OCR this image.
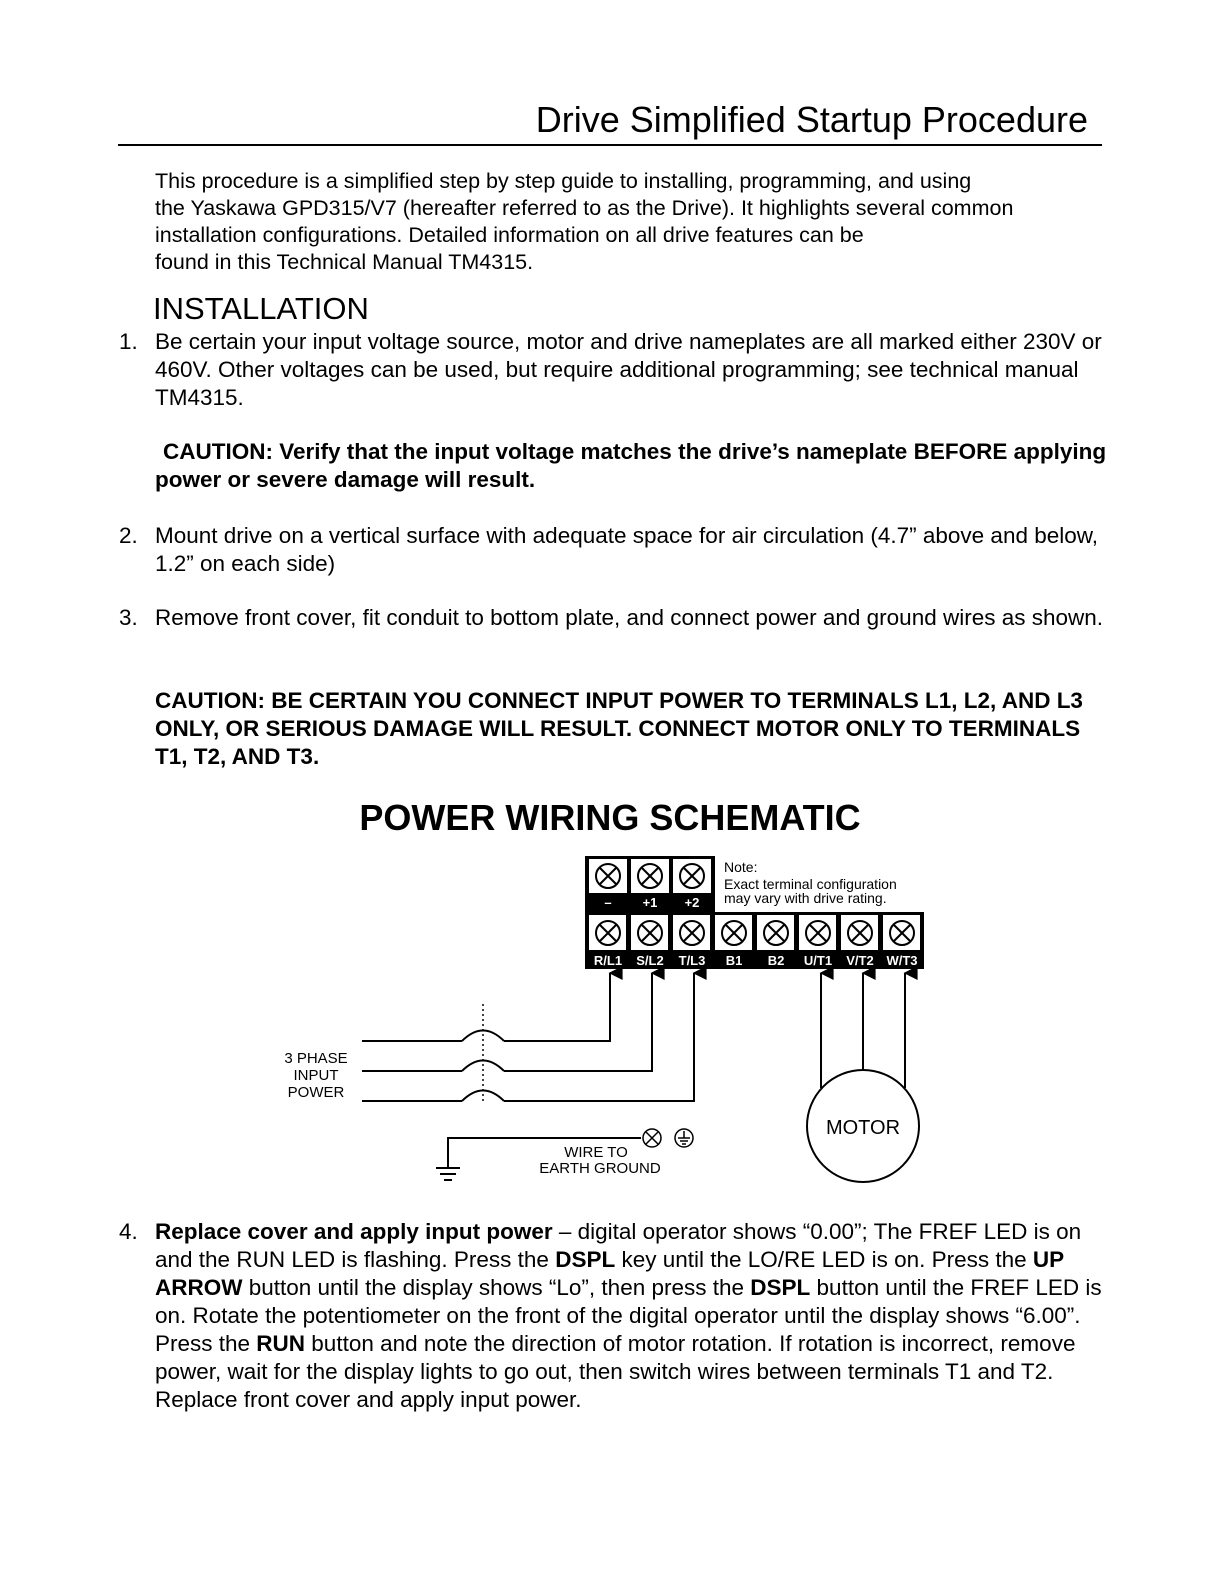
Drive Simplified Startup Procedure
This procedure is a simplified step by step guide to installing, programming, and using
the Yaskawa GPD315/V7 (hereafter referred to as the Drive). It highlights several common
installation configurations. Detailed information on all drive features can be
found in this Technical Manual TM4315.
INSTALLATION
1. Be certain your input voltage source, motor and drive nameplates are all marked either 230V or 460V. Other voltages can be used, but require additional programming; see technical manual TM4315.
CAUTION: Verify that the input voltage matches the drive’s nameplate BEFORE applying power or severe damage will result.
2. Mount drive on a vertical surface with adequate space for air circulation (4.7” above and below, 1.2” on each side)
3. Remove front cover, fit conduit to bottom plate, and connect power and ground wires as shown.
CAUTION: BE CERTAIN YOU CONNECT INPUT POWER TO TERMINALS L1, L2, AND L3 ONLY, OR SERIOUS DAMAGE WILL RESULT. CONNECT MOTOR ONLY TO TERMINALS T1, T2, AND T3.
POWER WIRING SCHEMATIC
– +1 +2
Note:
Exact terminal configuration
may vary with drive rating.
R/L1 S/L2 T/L3 B1 B2 U/T1 V/T2 W/T3
3 PHASE
INPUT
POWER
MOTOR
WIRE TO
EARTH GROUND
4. Replace cover and apply input power – digital operator shows “0.00”; The FREF LED is on and the RUN LED is flashing. Press the DSPL key until the LO/RE LED is on. Press the UP ARROW button until the display shows “Lo”, then press the DSPL button until the FREF LED is on. Rotate the potentiometer on the front of the digital operator until the display shows “6.00”. Press the RUN button and note the direction of motor rotation. If rotation is incorrect, remove power, wait for the display lights to go out, then switch wires between terminals T1 and T2. Replace front cover and apply input power.
